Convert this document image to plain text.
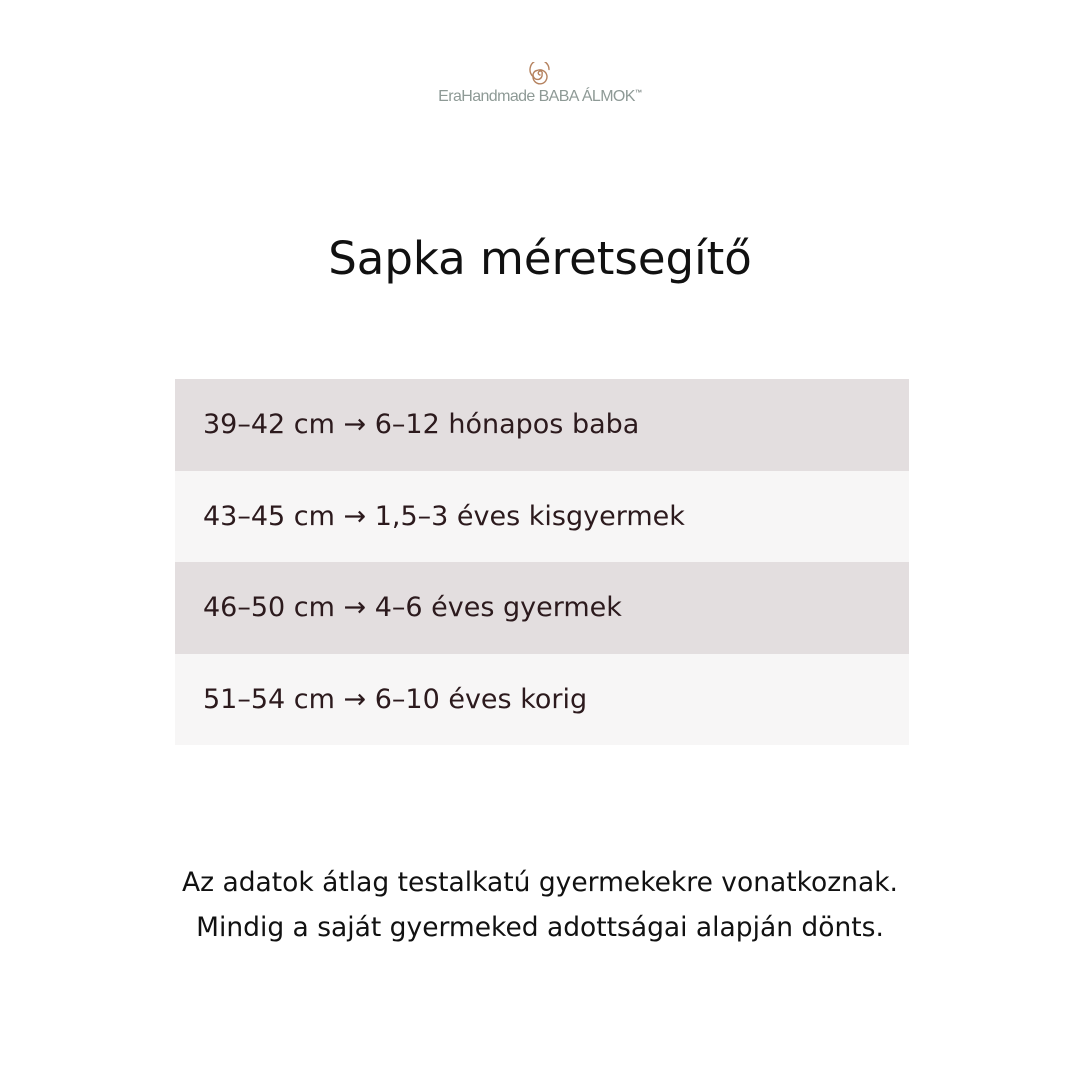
EraHandmade BABA ÁLMOK™
Sapka méretsegítő
39–42 cm → 6–12 hónapos baba
43–45 cm → 1,5–3 éves kisgyermek
46–50 cm → 4–6 éves gyermek
51–54 cm → 6–10 éves korig
Az adatok átlag testalkatú gyermekekre vonatkoznak.
Mindig a saját gyermeked adottságai alapján dönts.
